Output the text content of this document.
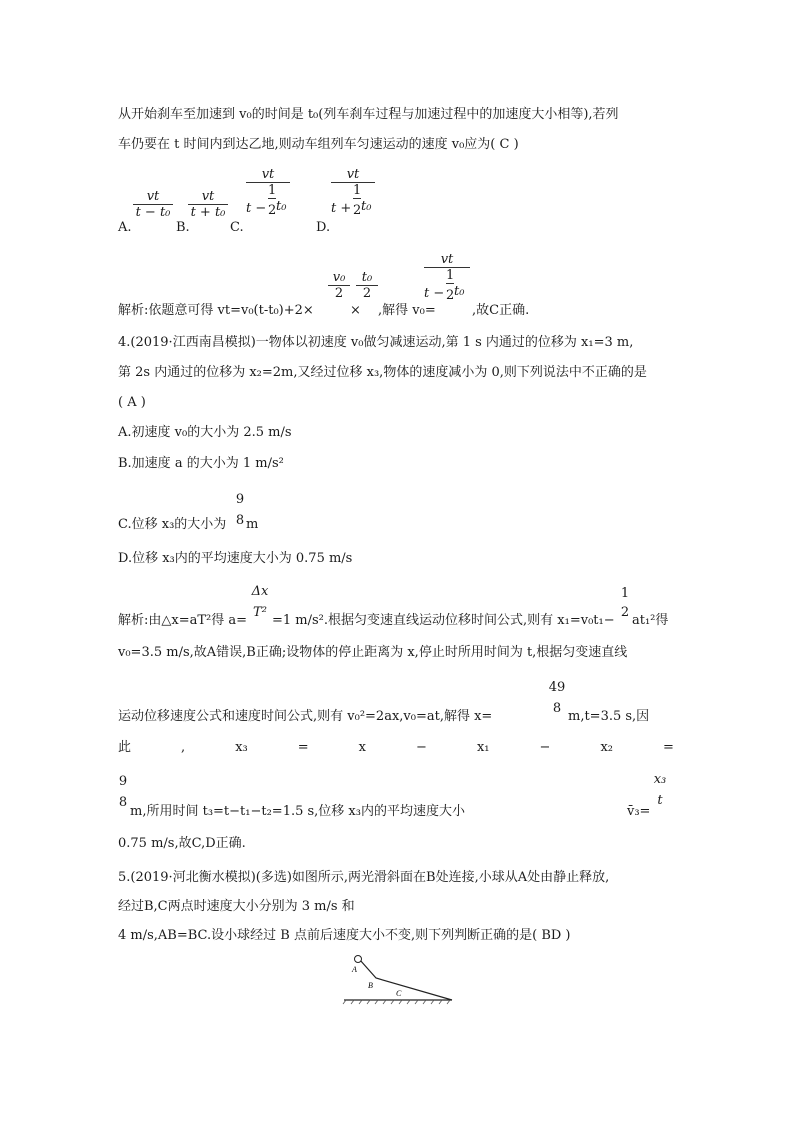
从开始刹车至加速到 v₀的时间是 t₀(列车刹车过程与加速过程中的加速度大小相等),若列
车仍要在 t 时间内到达乙地,则动车组列车匀速运动的速度 v₀应为( C )
A.
$\frac{vt}{\text{t − t₀}}$
B.
$\frac{vt}{\text{t + t₀}}$
C.
vt
t −
1
2 t₀
D.
vt
t +
1
2 t₀
解析:依题意可得 vt=v₀(t-t₀)+2×
$\frac{\text{v₀}}{2}$
×
$\frac{\text{t₀}}{2}$
,解得 v₀=
vt
t −
1
2 t₀
,故C正确.
4.(2019·江西南昌模拟)一物体以初速度 v₀做匀减速运动,第 1 s 内通过的位移为 x₁=3 m,
第 2s 内通过的位移为 x₂=2m,又经过位移 x₃,物体的速度减小为 0,则下列说法中不正确的是
( A )
A.初速度 v₀的大小为 2.5 m/s
B.加速度 a 的大小为 1 m/s²
C.位移 x₃的大小为
9
8 m
D.位移 x₃内的平均速度大小为 0.75 m/s
解析:由△x=aT²得 a=
Δx
T²
=1 m/s².根据匀变速直线运动位移时间公式,则有 x₁=v₀t₁−
1
2
at₁²得
v₀=3.5 m/s,故A错误,B正确;设物体的停止距离为 x,停止时所用时间为 t,根据匀变速直线
运动位移速度公式和速度时间公式,则有 v₀²=2ax,v₀=at,解得 x=
49
8
m,t=3.5 s,因
此	,	x₃	=	x	−	x₁	−	x₂	=
9
8
m,所用时间 t₃=t−t₁−t₂=1.5 s,位移 x₃内的平均速度大小	v̄₃=
x₃
t
0.75 m/s,故C,D正确.
5.(2019·河北衡水模拟)(多选)如图所示,两光滑斜面在B处连接,小球从A处由静止释放,
经过B,C两点时速度大小分别为 3 m/s 和
4 m/s,AB=BC.设小球经过 B 点前后速度大小不变,则下列判断正确的是( BD )
A
B
C
